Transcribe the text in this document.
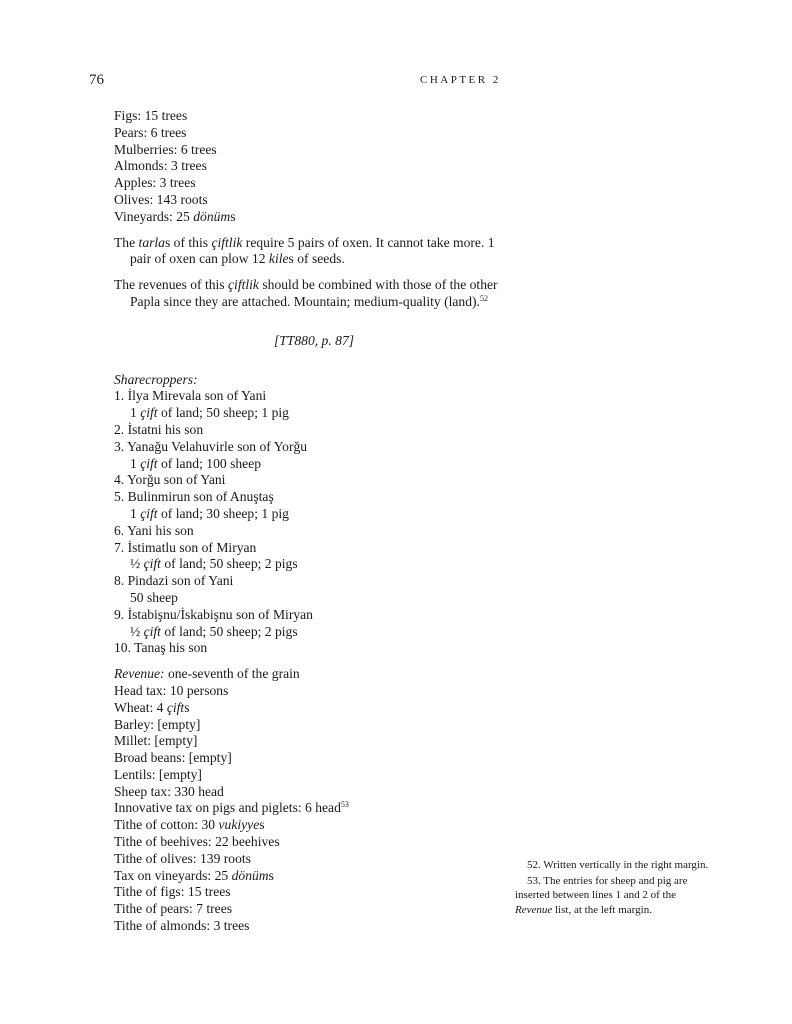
76	CHAPTER 2
Figs: 15 trees
Pears: 6 trees
Mulberries: 6 trees
Almonds: 3 trees
Apples: 3 trees
Olives: 143 roots
Vineyards: 25 dönüms

The tarlas of this çiftlik require 5 pairs of oxen. It cannot take more. 1 pair of oxen can plow 12 kiles of seeds.

The revenues of this çiftlik should be combined with those of the other Papla since they are attached. Mountain; medium-quality (land).$^{52}$

[TT880, p. 87]
Sharecroppers:
1. İlya Mirevala son of Yani
1 çift of land; 50 sheep; 1 pig
2. İstatni his son
3. Yanağu Velahuvirle son of Yorğu
1 çift of land; 100 sheep
4. Yorğu son of Yani
5. Bulinmirun son of Anuştaş
1 çift of land; 30 sheep; 1 pig
6. Yani his son
7. İstimatlu son of Miryan
½ çift of land; 50 sheep; 2 pigs
8. Pindazi son of Yani
50 sheep
9. İstabişnu/İskabişnu son of Miryan
½ çift of land; 50 sheep; 2 pigs
10. Tanaş his son
Revenue: one-seventh of the grain
Head tax: 10 persons
Wheat: 4 çifts
Barley: [empty]
Millet: [empty]
Broad beans: [empty]
Lentils: [empty]
Sheep tax: 330 head
Innovative tax on pigs and piglets: 6 head$^{53}$
Tithe of cotton: 30 vukiyyes
Tithe of beehives: 22 beehives
Tithe of olives: 139 roots
Tax on vineyards: 25 dönüms
Tithe of figs: 15 trees
Tithe of pears: 7 trees
Tithe of almonds: 3 trees

52. Written vertically in the right margin.

53. The entries for sheep and pig are inserted between lines 1 and 2 of the Revenue list, at the left margin.
